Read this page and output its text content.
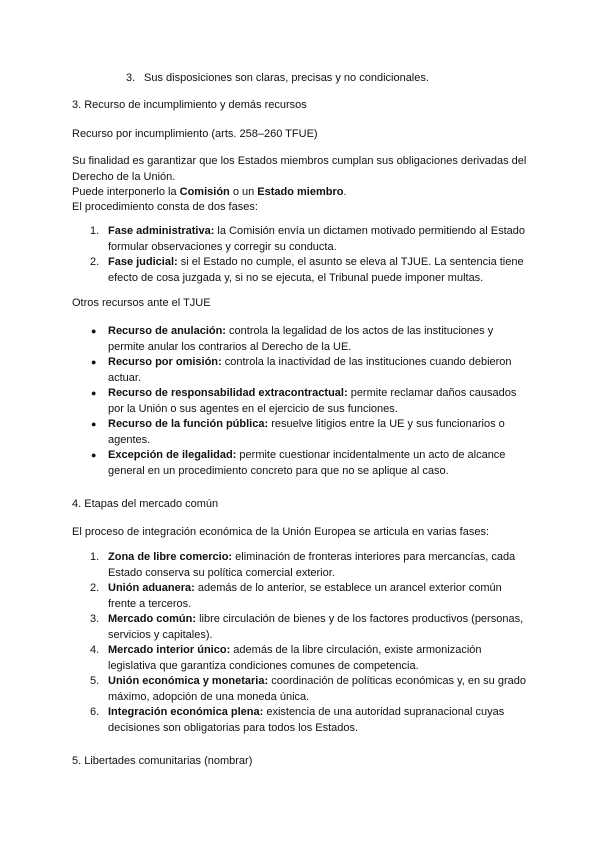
3. Sus disposiciones son claras, precisas y no condicionales.

3. Recurso de incumplimiento y demás recursos

Recurso por incumplimiento (arts. 258–260 TFUE)

Su finalidad es garantizar que los Estados miembros cumplan sus obligaciones derivadas del Derecho de la Unión.

Puede interponerlo la Comisión o un Estado miembro.

El procedimiento consta de dos fases:

1. Fase administrativa: la Comisión envía un dictamen motivado permitiendo al Estado formular observaciones y corregir su conducta.
2. Fase judicial: si el Estado no cumple, el asunto se eleva al TJUE. La sentencia tiene efecto de cosa juzgada y, si no se ejecuta, el Tribunal puede imponer multas.

Otros recursos ante el TJUE

● Recurso de anulación: controla la legalidad de los actos de las instituciones y permite anular los contrarios al Derecho de la UE.
● Recurso por omisión: controla la inactividad de las instituciones cuando debieron actuar.
● Recurso de responsabilidad extracontractual: permite reclamar daños causados por la Unión o sus agentes en el ejercicio de sus funciones.
● Recurso de la función pública: resuelve litigios entre la UE y sus funcionarios o agentes.
● Excepción de ilegalidad: permite cuestionar incidentalmente un acto de alcance general en un procedimiento concreto para que no se aplique al caso.

4. Etapas del mercado común

El proceso de integración económica de la Unión Europea se articula en varias fases:

1. Zona de libre comercio: eliminación de fronteras interiores para mercancías, cada Estado conserva su política comercial exterior.
2. Unión aduanera: además de lo anterior, se establece un arancel exterior común frente a terceros.
3. Mercado común: libre circulación de bienes y de los factores productivos (personas, servicios y capitales).
4. Mercado interior único: además de la libre circulación, existe armonización legislativa que garantiza condiciones comunes de competencia.
5. Unión económica y monetaria: coordinación de políticas económicas y, en su grado máximo, adopción de una moneda única.
6. Integración económica plena: existencia de una autoridad supranacional cuyas decisiones son obligatorias para todos los Estados.

5. Libertades comunitarias (nombrar)
